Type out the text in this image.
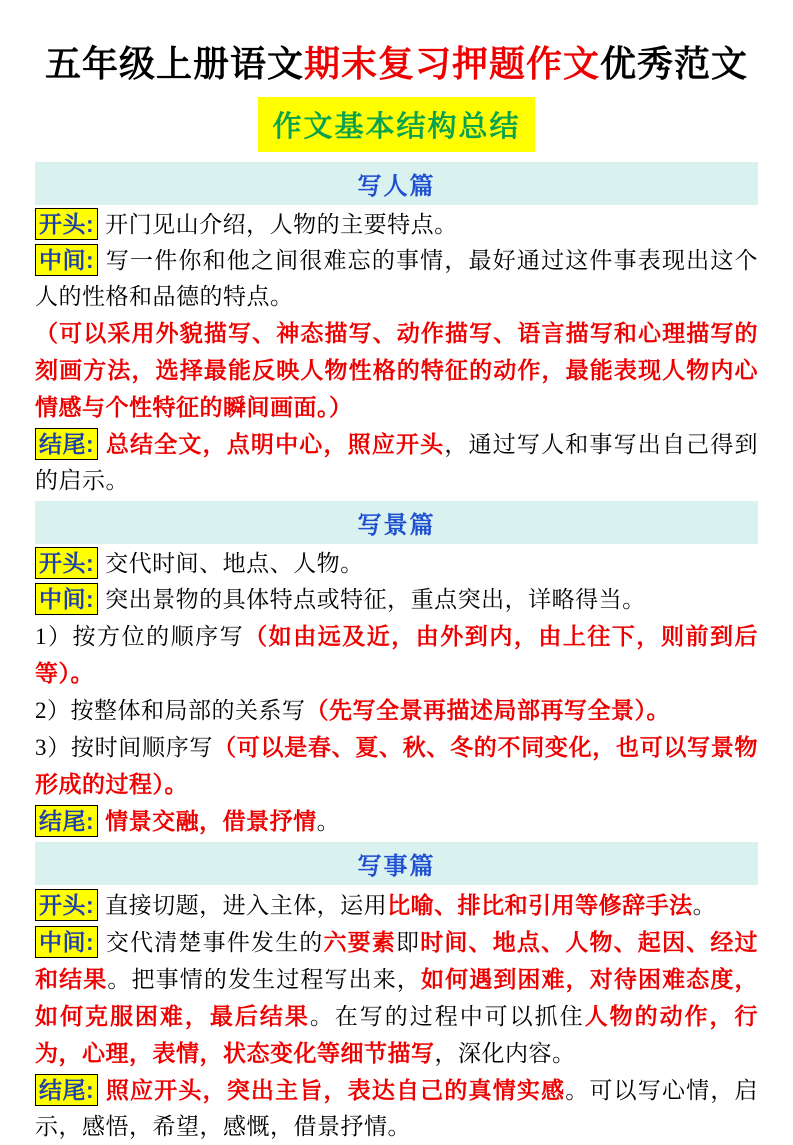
五年级上册语文期末复习押题作文优秀范文
作文基本结构总结
写人篇

开头: 开门见山介绍，人物的主要特点。

中间: 写一件你和他之间很难忘的事情，最好通过这件事表现出这个人的性格和品德的特点。

（可以采用外貌描写、神态描写、动作描写、语言描写和心理描写的刻画方法，选择最能反映人物性格的特征的动作，最能表现人物内心情感与个性特征的瞬间画面。）

结尾: 总结全文，点明中心，照应开头，通过写人和事写出自己得到的启示。

写景篇

开头: 交代时间、地点、人物。

中间: 突出景物的具体特点或特征，重点突出，详略得当。

1）按方位的顺序写（如由远及近，由外到内，由上往下，则前到后等）。

2）按整体和局部的关系写（先写全景再描述局部再写全景）。

3）按时间顺序写（可以是春、夏、秋、冬的不同变化，也可以写景物形成的过程）。

结尾: 情景交融，借景抒情。

写事篇

开头: 直接切题，进入主体，运用比喻、排比和引用等修辞手法。

中间: 交代清楚事件发生的六要素即时间、地点、人物、起因、经过和结果。把事情的发生过程写出来，如何遇到困难，对待困难态度，如何克服困难，最后结果。在写的过程中可以抓住人物的动作，行为，心理，表情，状态变化等细节描写，深化内容。

结尾: 照应开头，突出主旨，表达自己的真情实感。可以写心情，启示，感悟，希望，感慨，借景抒情。
